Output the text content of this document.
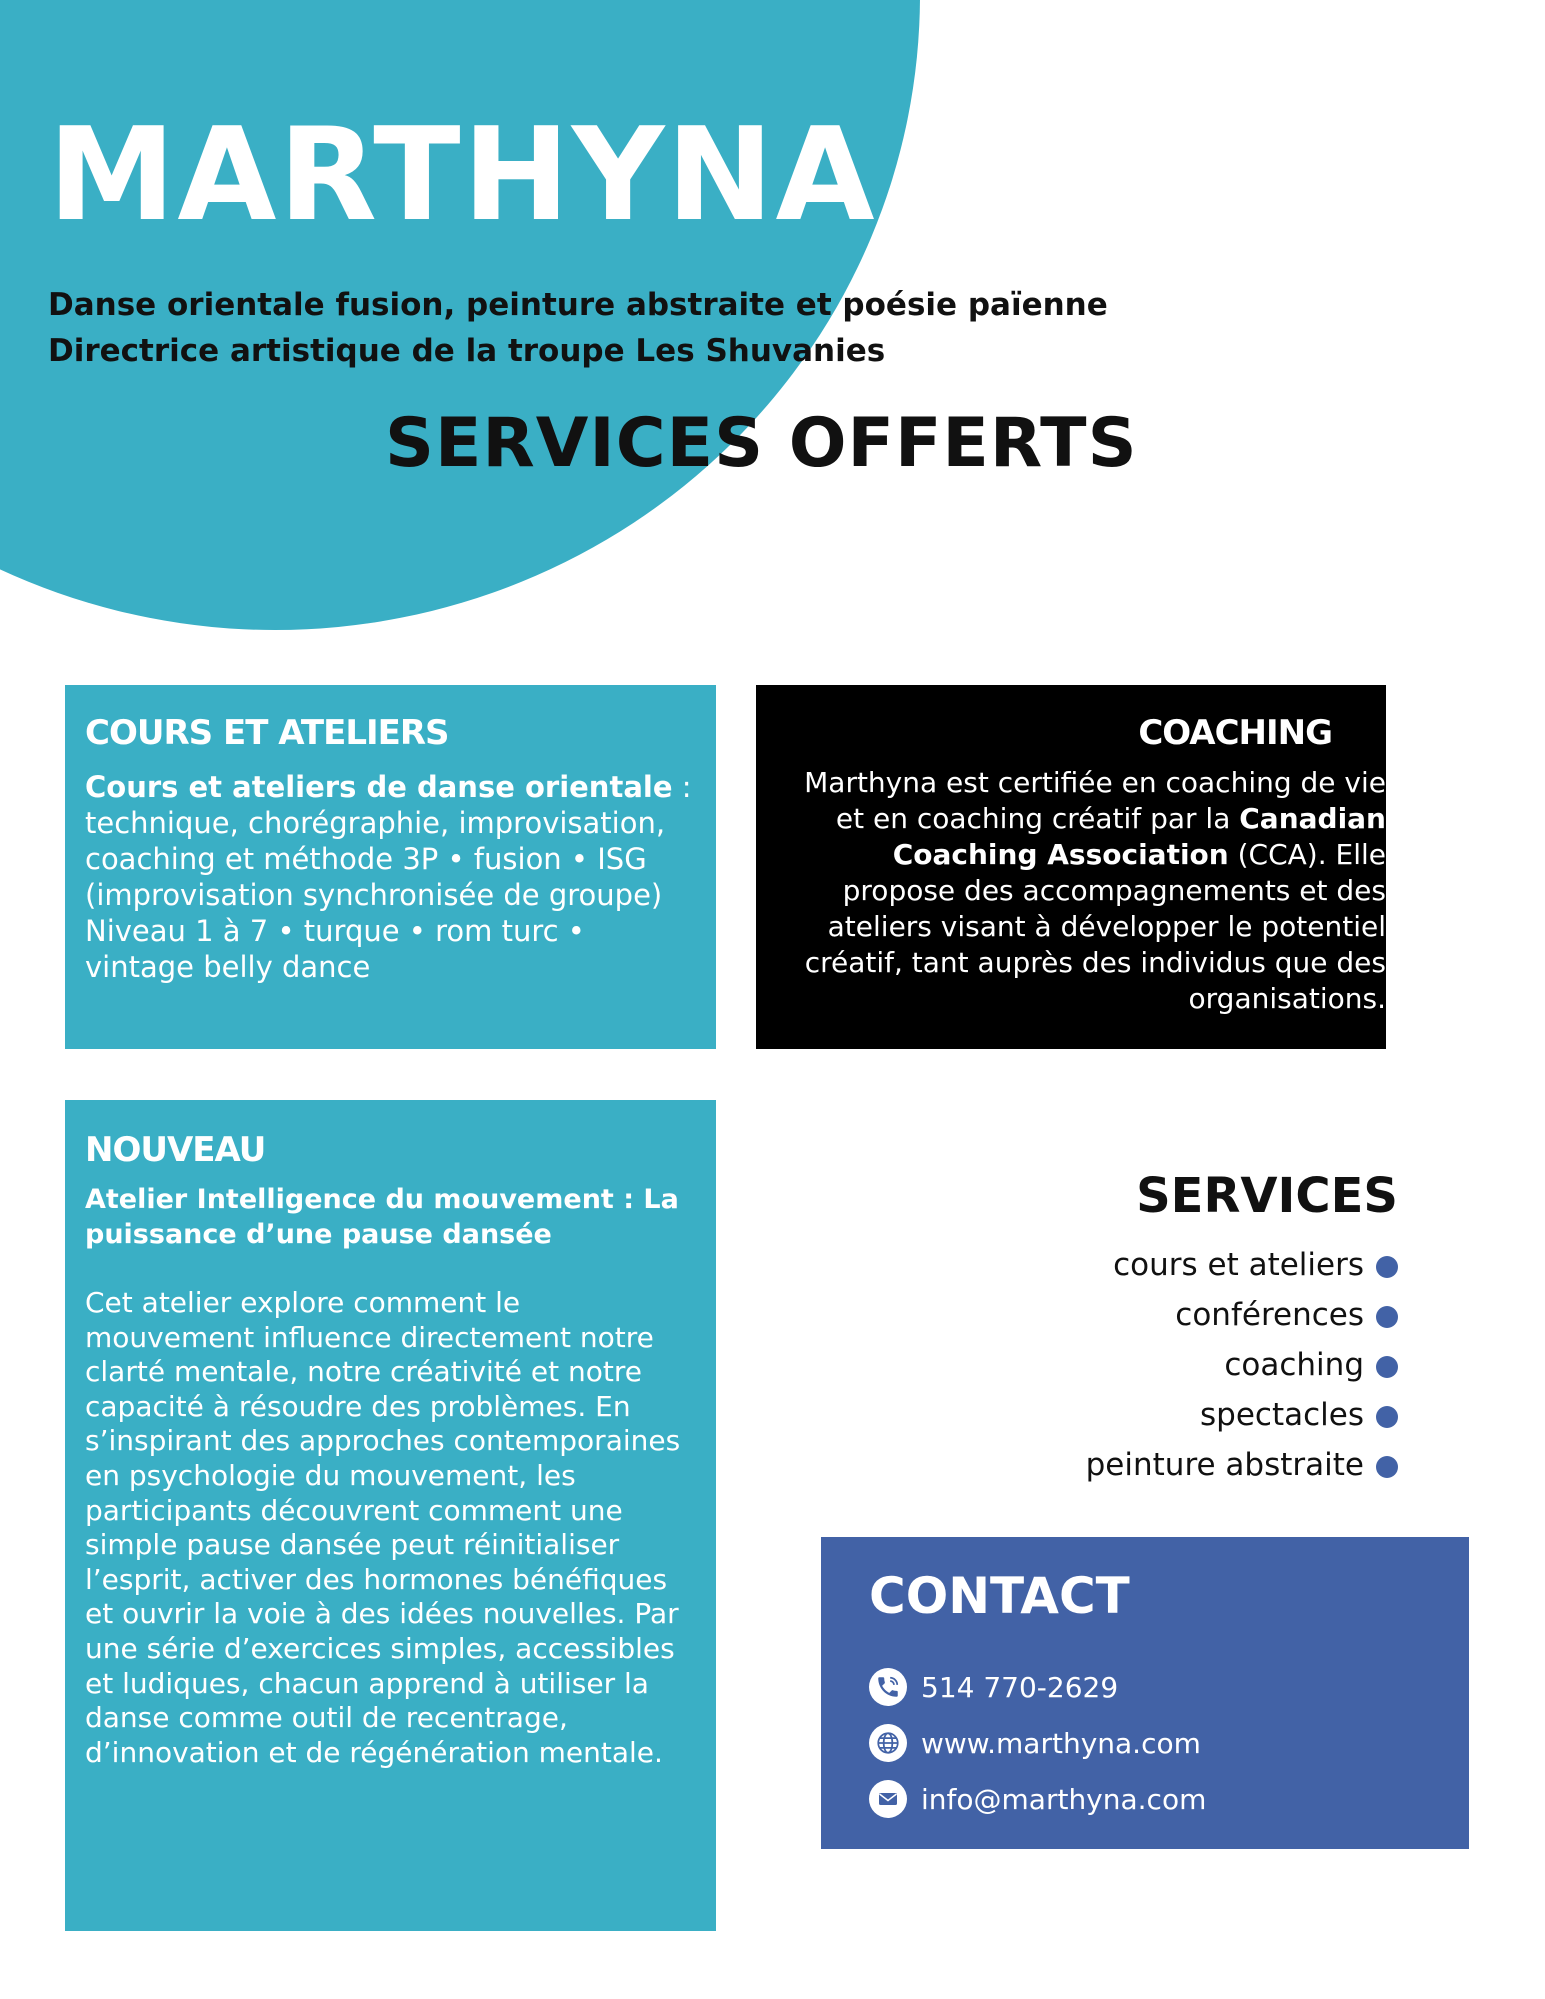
MARTHYNA
Danse orientale fusion, peinture abstraite et poésie païenne
Directrice artistique de la troupe Les Shuvanies
SERVICES OFFERTS
COURS ET ATELIERS
Cours et ateliers de danse orientale : technique, chorégraphie, improvisation, coaching et méthode 3P • fusion • ISG (improvisation synchronisée de groupe) Niveau 1 à 7 • turque • rom turc • vintage belly dance
COACHING
Marthyna est certifiée en coaching de vie et en coaching créatif par la Canadian Coaching Association (CCA). Elle propose des accompagnements et des ateliers visant à développer le potentiel créatif, tant auprès des individus que des organisations.
NOUVEAU
Atelier Intelligence du mouvement : La puissance d’une pause dansée
Cet atelier explore comment le mouvement influence directement notre clarté mentale, notre créativité et notre capacité à résoudre des problèmes. En s’inspirant des approches contemporaines en psychologie du mouvement, les participants découvrent comment une simple pause dansée peut réinitialiser l’esprit, activer des hormones bénéfiques et ouvrir la voie à des idées nouvelles. Par une série d’exercices simples, accessibles et ludiques, chacun apprend à utiliser la danse comme outil de recentrage, d’innovation et de régénération mentale.
SERVICES
cours et ateliers
conférences
coaching
spectacles
peinture abstraite
CONTACT
514 770-2629
www.marthyna.com
info@marthyna.com
